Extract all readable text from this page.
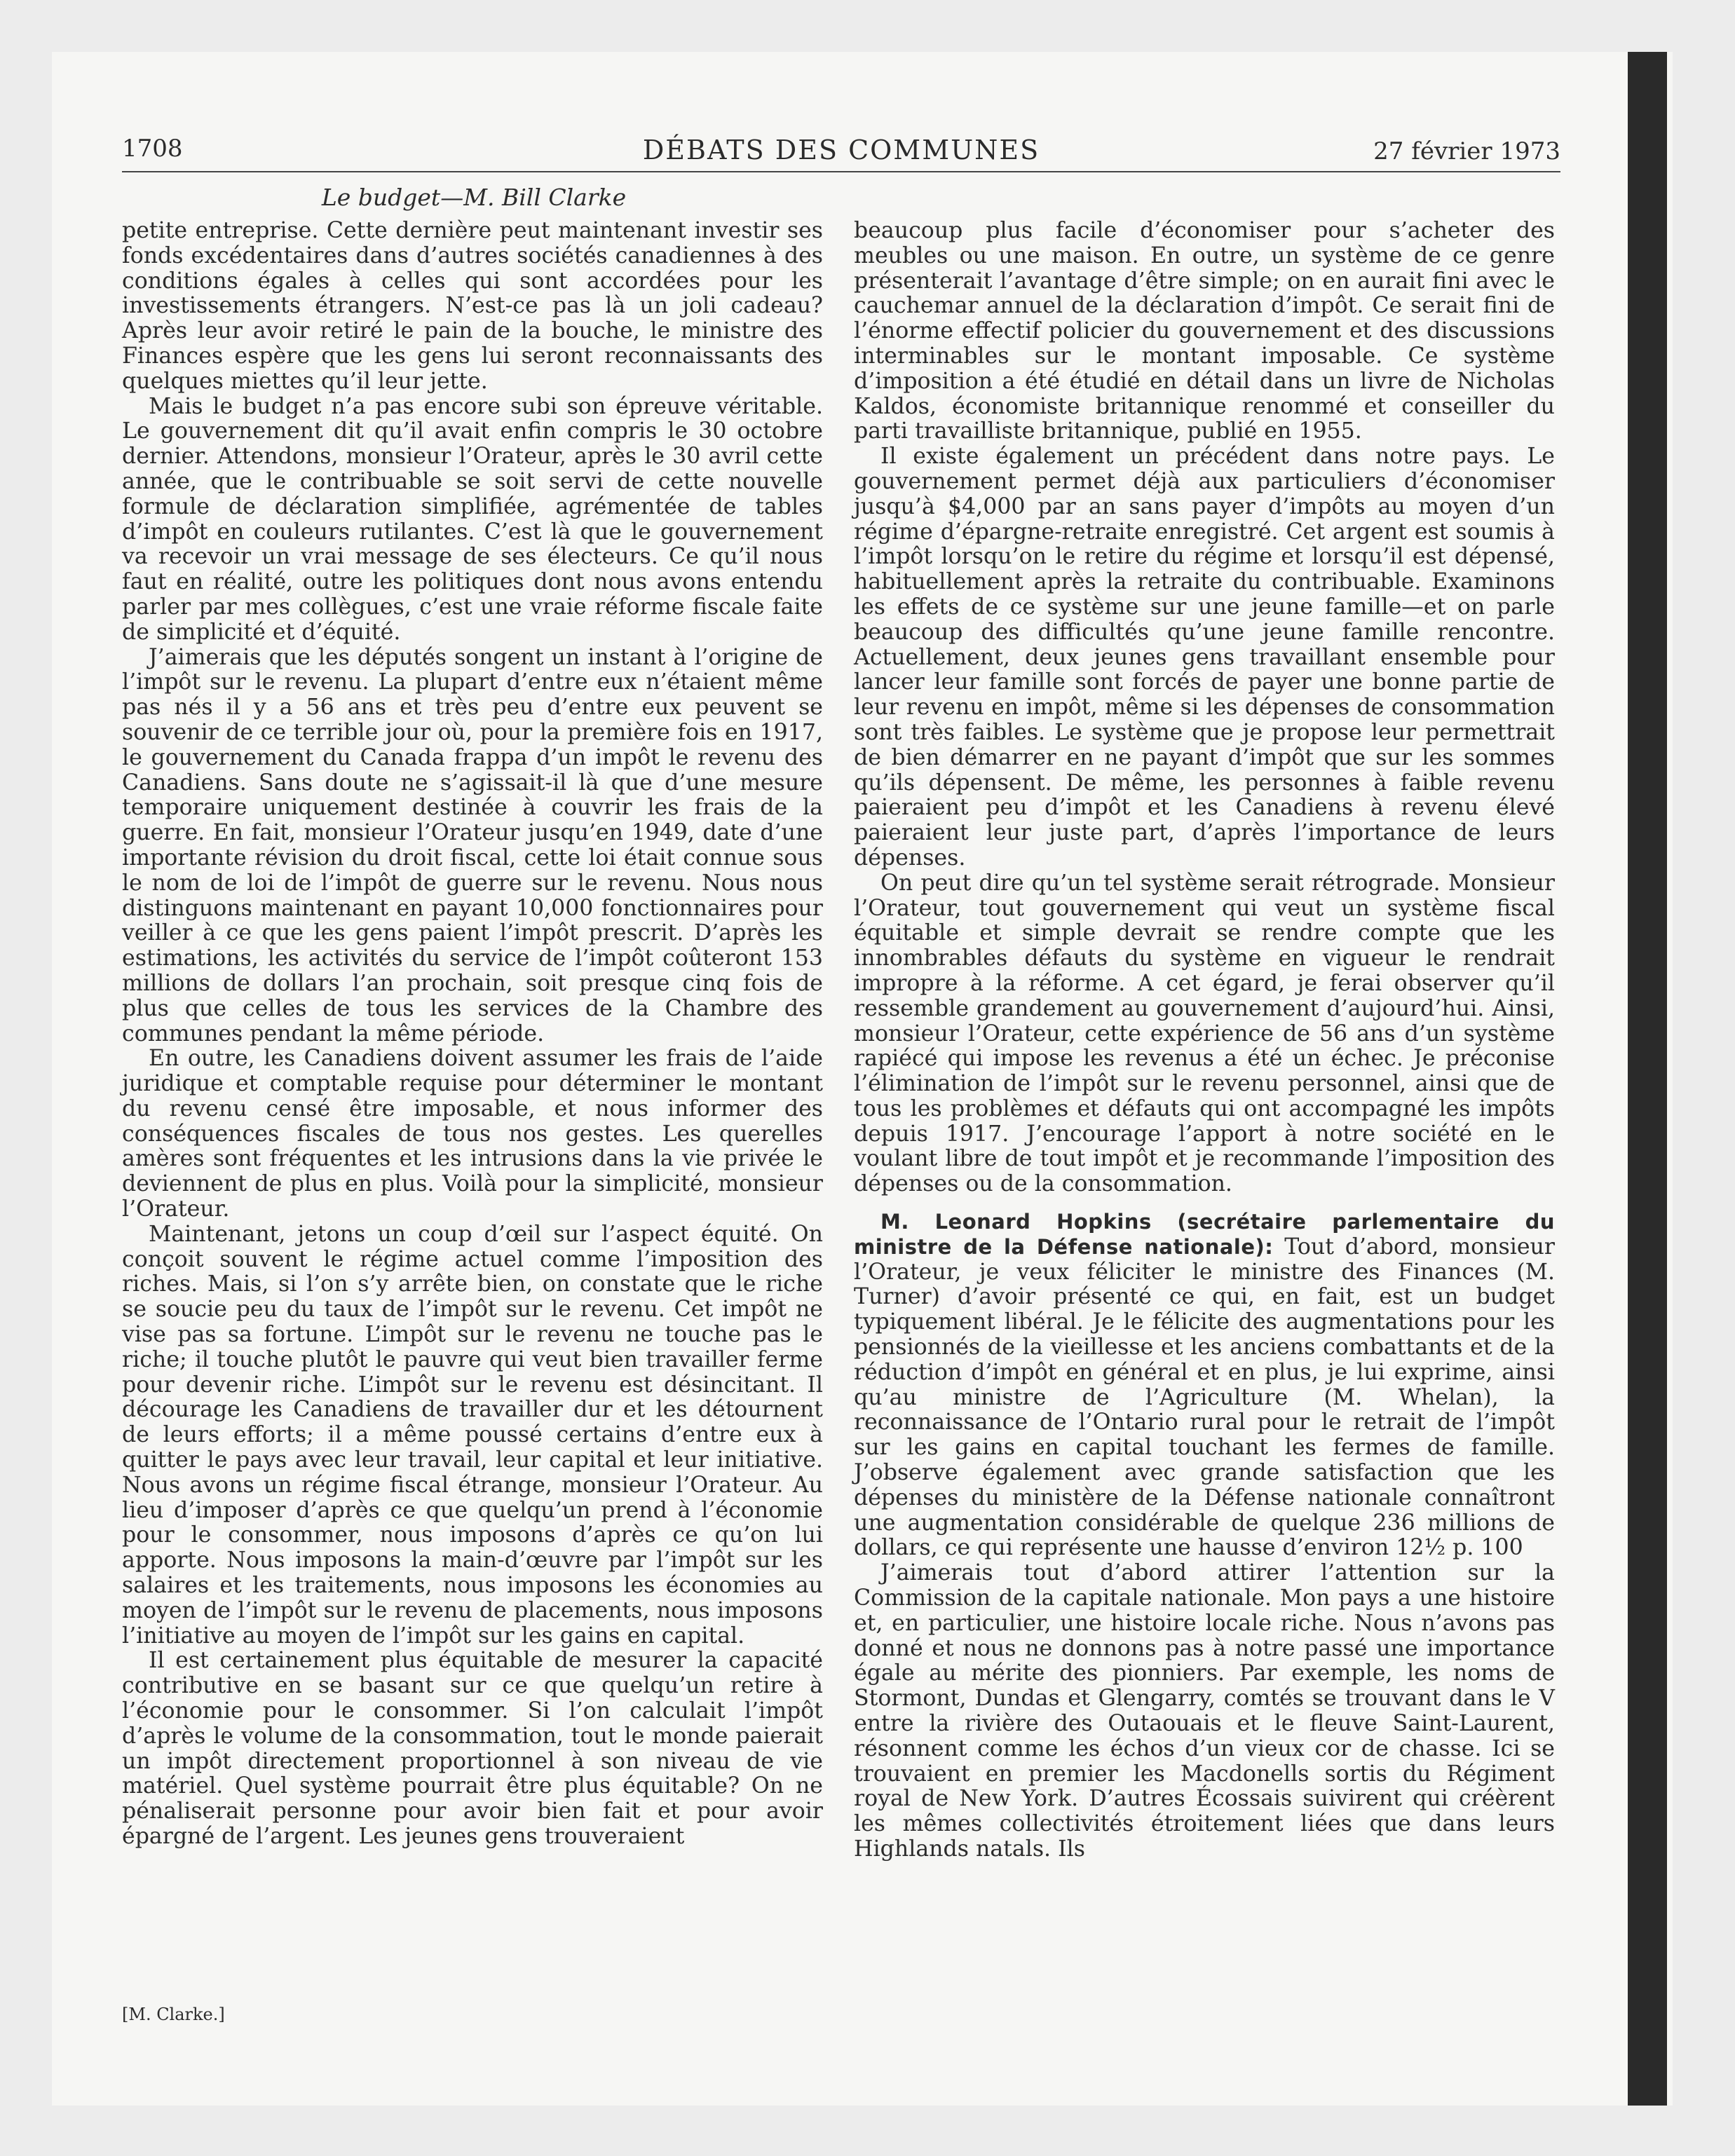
1708	DÉBATS DES COMMUNES	27 février 1973
Le budget—M. Bill Clarke

petite entreprise. Cette dernière peut maintenant investir ses fonds excédentaires dans d’autres sociétés canadiennes à des conditions égales à celles qui sont accordées pour les investissements étrangers. N’est-ce pas là un joli cadeau? Après leur avoir retiré le pain de la bouche, le ministre des Finances espère que les gens lui seront reconnaissants des quelques miettes qu’il leur jette.

Mais le budget n’a pas encore subi son épreuve véritable. Le gouvernement dit qu’il avait enfin compris le 30 octobre dernier. Attendons, monsieur l’Orateur, après le 30 avril cette année, que le contribuable se soit servi de cette nouvelle formule de déclaration simplifiée, agrémentée de tables d’impôt en couleurs rutilantes. C’est là que le gouvernement va recevoir un vrai message de ses électeurs. Ce qu’il nous faut en réalité, outre les politiques dont nous avons entendu parler par mes collègues, c’est une vraie réforme fiscale faite de simplicité et d’équité.

J’aimerais que les députés songent un instant à l’origine de l’impôt sur le revenu. La plupart d’entre eux n’étaient même pas nés il y a 56 ans et très peu d’entre eux peuvent se souvenir de ce terrible jour où, pour la première fois en 1917, le gouvernement du Canada frappa d’un impôt le revenu des Canadiens. Sans doute ne s’agissait-il là que d’une mesure temporaire uniquement destinée à couvrir les frais de la guerre. En fait, monsieur l’Orateur jusqu’en 1949, date d’une importante révision du droit fiscal, cette loi était connue sous le nom de loi de l’impôt de guerre sur le revenu. Nous nous distinguons maintenant en payant 10,000 fonctionnaires pour veiller à ce que les gens paient l’impôt prescrit. D’après les estimations, les activités du service de l’impôt coûteront 153 millions de dollars l’an prochain, soit presque cinq fois de plus que celles de tous les services de la Chambre des communes pendant la même période.

En outre, les Canadiens doivent assumer les frais de l’aide juridique et comptable requise pour déterminer le montant du revenu censé être imposable, et nous informer des conséquences fiscales de tous nos gestes. Les querelles amères sont fréquentes et les intrusions dans la vie privée le deviennent de plus en plus. Voilà pour la simplicité, monsieur l’Orateur.

Maintenant, jetons un coup d’œil sur l’aspect équité. On conçoit souvent le régime actuel comme l’imposition des riches. Mais, si l’on s’y arrête bien, on constate que le riche se soucie peu du taux de l’impôt sur le revenu. Cet impôt ne vise pas sa fortune. L’impôt sur le revenu ne touche pas le riche; il touche plutôt le pauvre qui veut bien travailler ferme pour devenir riche. L’impôt sur le revenu est désincitant. Il décourage les Canadiens de travailler dur et les détournent de leurs efforts; il a même poussé certains d’entre eux à quitter le pays avec leur travail, leur capital et leur initiative. Nous avons un régime fiscal étrange, monsieur l’Orateur. Au lieu d’imposer d’après ce que quelqu’un prend à l’économie pour le consommer, nous imposons d’après ce qu’on lui apporte. Nous imposons la main-d’œuvre par l’impôt sur les salaires et les traitements, nous imposons les économies au moyen de l’impôt sur le revenu de placements, nous imposons l’initiative au moyen de l’impôt sur les gains en capital.

Il est certainement plus équitable de mesurer la capacité contributive en se basant sur ce que quelqu’un retire à l’économie pour le consommer. Si l’on calculait l’impôt d’après le volume de la consommation, tout le monde paierait un impôt directement proportionnel à son niveau de vie matériel. Quel système pourrait être plus équitable? On ne pénaliserait personne pour avoir bien fait et pour avoir épargné de l’argent. Les jeunes gens trouveraient

beaucoup plus facile d’économiser pour s’acheter des meubles ou une maison. En outre, un système de ce genre présenterait l’avantage d’être simple; on en aurait fini avec le cauchemar annuel de la déclaration d’impôt. Ce serait fini de l’énorme effectif policier du gouvernement et des discussions interminables sur le montant imposable. Ce système d’imposition a été étudié en détail dans un livre de Nicholas Kaldos, économiste britannique renommé et conseiller du parti travailliste britannique, publié en 1955.

Il existe également un précédent dans notre pays. Le gouvernement permet déjà aux particuliers d’économiser jusqu’à $4,000 par an sans payer d’impôts au moyen d’un régime d’épargne-retraite enregistré. Cet argent est soumis à l’impôt lorsqu’on le retire du régime et lorsqu’il est dépensé, habituellement après la retraite du contribuable. Examinons les effets de ce système sur une jeune famille—et on parle beaucoup des difficultés qu’une jeune famille rencontre. Actuellement, deux jeunes gens travaillant ensemble pour lancer leur famille sont forcés de payer une bonne partie de leur revenu en impôt, même si les dépenses de consommation sont très faibles. Le système que je propose leur permettrait de bien démarrer en ne payant d’impôt que sur les sommes qu’ils dépensent. De même, les personnes à faible revenu paieraient peu d’impôt et les Canadiens à revenu élevé paieraient leur juste part, d’après l’importance de leurs dépenses.

On peut dire qu’un tel système serait rétrograde. Monsieur l’Orateur, tout gouvernement qui veut un système fiscal équitable et simple devrait se rendre compte que les innombrables défauts du système en vigueur le rendrait impropre à la réforme. A cet égard, je ferai observer qu’il ressemble grandement au gouvernement d’aujourd’hui. Ainsi, monsieur l’Orateur, cette expérience de 56 ans d’un système rapiécé qui impose les revenus a été un échec. Je préconise l’élimination de l’impôt sur le revenu personnel, ainsi que de tous les problèmes et défauts qui ont accompagné les impôts depuis 1917. J’encourage l’apport à notre société en le voulant libre de tout impôt et je recommande l’imposition des dépenses ou de la consommation.

M. Leonard Hopkins (secrétaire parlementaire du ministre de la Défense nationale): Tout d’abord, monsieur l’Orateur, je veux féliciter le ministre des Finances (M. Turner) d’avoir présenté ce qui, en fait, est un budget typiquement libéral. Je le félicite des augmentations pour les pensionnés de la vieillesse et les anciens combattants et de la réduction d’impôt en général et en plus, je lui exprime, ainsi qu’au ministre de l’Agriculture (M. Whelan), la reconnaissance de l’Ontario rural pour le retrait de l’impôt sur les gains en capital touchant les fermes de famille. J’observe également avec grande satisfaction que les dépenses du ministère de la Défense nationale connaîtront une augmentation considérable de quelque 236 millions de dollars, ce qui représente une hausse d’environ 12½ p. 100

J’aimerais tout d’abord attirer l’attention sur la Commission de la capitale nationale. Mon pays a une histoire et, en particulier, une histoire locale riche. Nous n’avons pas donné et nous ne donnons pas à notre passé une importance égale au mérite des pionniers. Par exemple, les noms de Stormont, Dundas et Glengarry, comtés se trouvant dans le V entre la rivière des Outaouais et le fleuve Saint-Laurent, résonnent comme les échos d’un vieux cor de chasse. Ici se trouvaient en premier les Macdonells sortis du Régiment royal de New York. D’autres Écossais suivirent qui créèrent les mêmes collectivités étroitement liées que dans leurs Highlands natals. Ils

[M. Clarke.]
